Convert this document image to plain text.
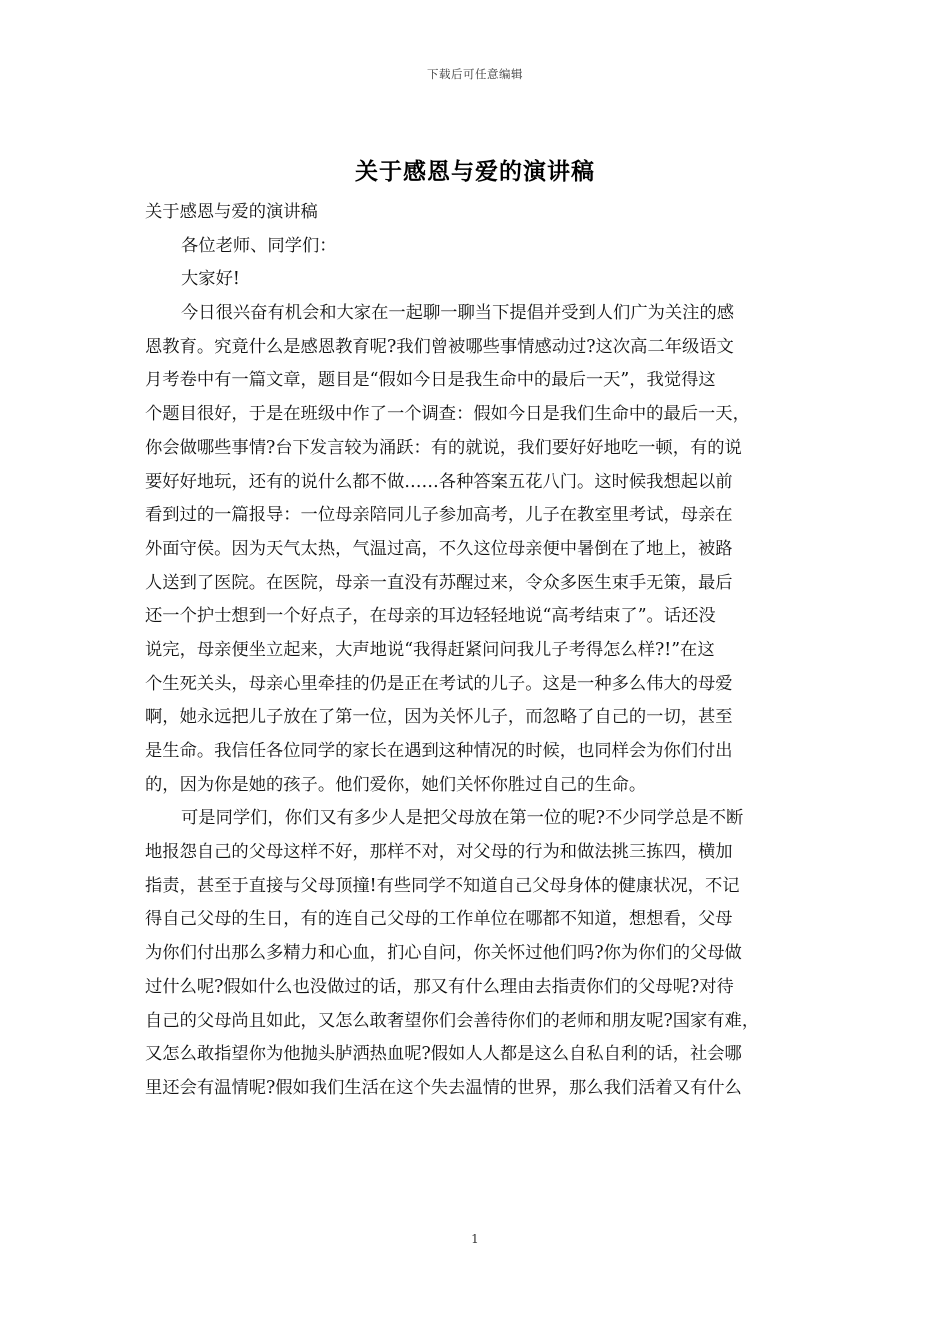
下载后可任意编辑
关于感恩与爱的演讲稿
关于感恩与爱的演讲稿
各位老师、同学们：
大家好!
今日很兴奋有机会和大家在一起聊一聊当下提倡并受到人们广为关注的感
恩教育。究竟什么是感恩教育呢?我们曾被哪些事情感动过?这次高二年级语文
月考卷中有一篇文章，题目是“假如今日是我生命中的最后一天”，我觉得这
个题目很好，于是在班级中作了一个调查：假如今日是我们生命中的最后一天，
你会做哪些事情?台下发言较为涌跃：有的就说，我们要好好地吃一顿，有的说
要好好地玩，还有的说什么都不做……各种答案五花八门。这时候我想起以前
看到过的一篇报导：一位母亲陪同儿子参加高考，儿子在教室里考试，母亲在
外面守侯。因为天气太热，气温过高，不久这位母亲便中暑倒在了地上，被路
人送到了医院。在医院，母亲一直没有苏醒过来，令众多医生束手无策，最后
还一个护士想到一个好点子，在母亲的耳边轻轻地说“高考结束了”。话还没
说完，母亲便坐立起来，大声地说“我得赶紧问问我儿子考得怎么样?!”在这
个生死关头，母亲心里牵挂的仍是正在考试的儿子。这是一种多么伟大的母爱
啊，她永远把儿子放在了第一位，因为关怀儿子，而忽略了自己的一切，甚至
是生命。我信任各位同学的家长在遇到这种情况的时候，也同样会为你们付出
的，因为你是她的孩子。他们爱你，她们关怀你胜过自己的生命。
可是同学们，你们又有多少人是把父母放在第一位的呢?不少同学总是不断
地报怨自己的父母这样不好，那样不对，对父母的行为和做法挑三拣四，横加
指责，甚至于直接与父母顶撞!有些同学不知道自己父母身体的健康状况，不记
得自己父母的生日，有的连自己父母的工作单位在哪都不知道，想想看，父母
为你们付出那么多精力和心血，扪心自问，你关怀过他们吗?你为你们的父母做
过什么呢?假如什么也没做过的话，那又有什么理由去指责你们的父母呢?对待
自己的父母尚且如此，又怎么敢奢望你们会善待你们的老师和朋友呢?国家有难，
又怎么敢指望你为他抛头胪洒热血呢?假如人人都是这么自私自利的话，社会哪
里还会有温情呢?假如我们生活在这个失去温情的世界，那么我们活着又有什么
1
